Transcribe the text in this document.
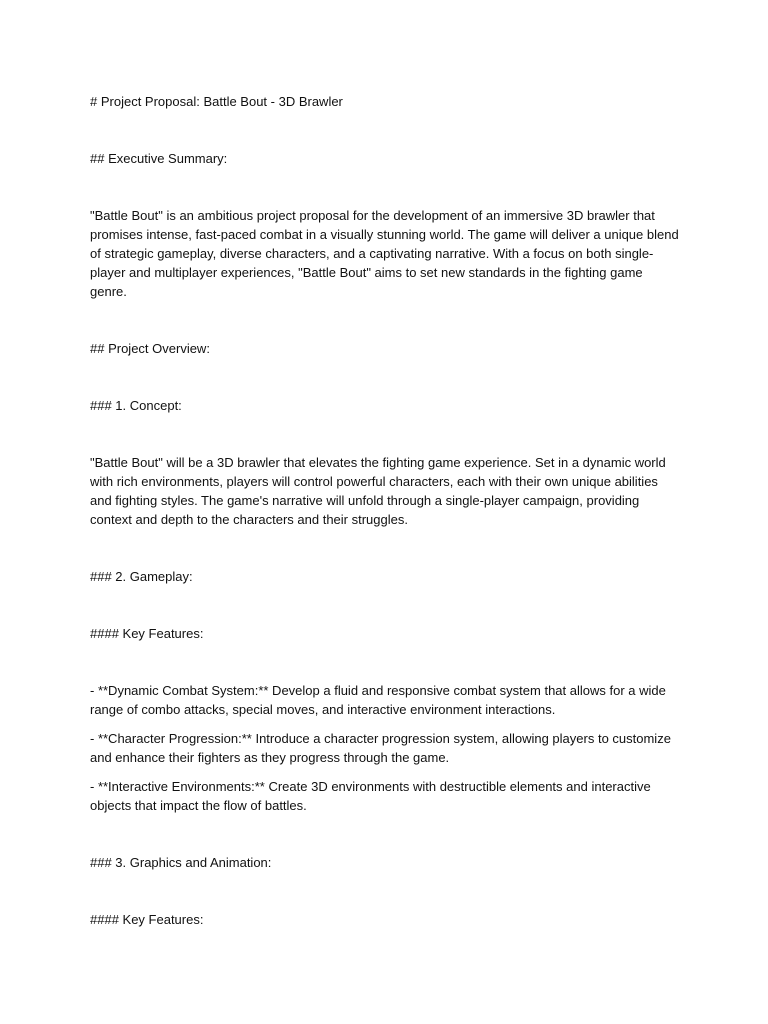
# Project Proposal: Battle Bout - 3D Brawler

## Executive Summary:

"Battle Bout" is an ambitious project proposal for the development of an immersive 3D brawler that promises intense, fast-paced combat in a visually stunning world. The game will deliver a unique blend of strategic gameplay, diverse characters, and a captivating narrative. With a focus on both single-player and multiplayer experiences, "Battle Bout" aims to set new standards in the fighting game genre.

## Project Overview:

### 1. Concept:

"Battle Bout" will be a 3D brawler that elevates the fighting game experience. Set in a dynamic world with rich environments, players will control powerful characters, each with their own unique abilities and fighting styles. The game's narrative will unfold through a single-player campaign, providing context and depth to the characters and their struggles.

### 2. Gameplay:

#### Key Features:

- **Dynamic Combat System:** Develop a fluid and responsive combat system that allows for a wide range of combo attacks, special moves, and interactive environment interactions.

- **Character Progression:** Introduce a character progression system, allowing players to customize and enhance their fighters as they progress through the game.

- **Interactive Environments:** Create 3D environments with destructible elements and interactive objects that impact the flow of battles.

### 3. Graphics and Animation:

#### Key Features:
